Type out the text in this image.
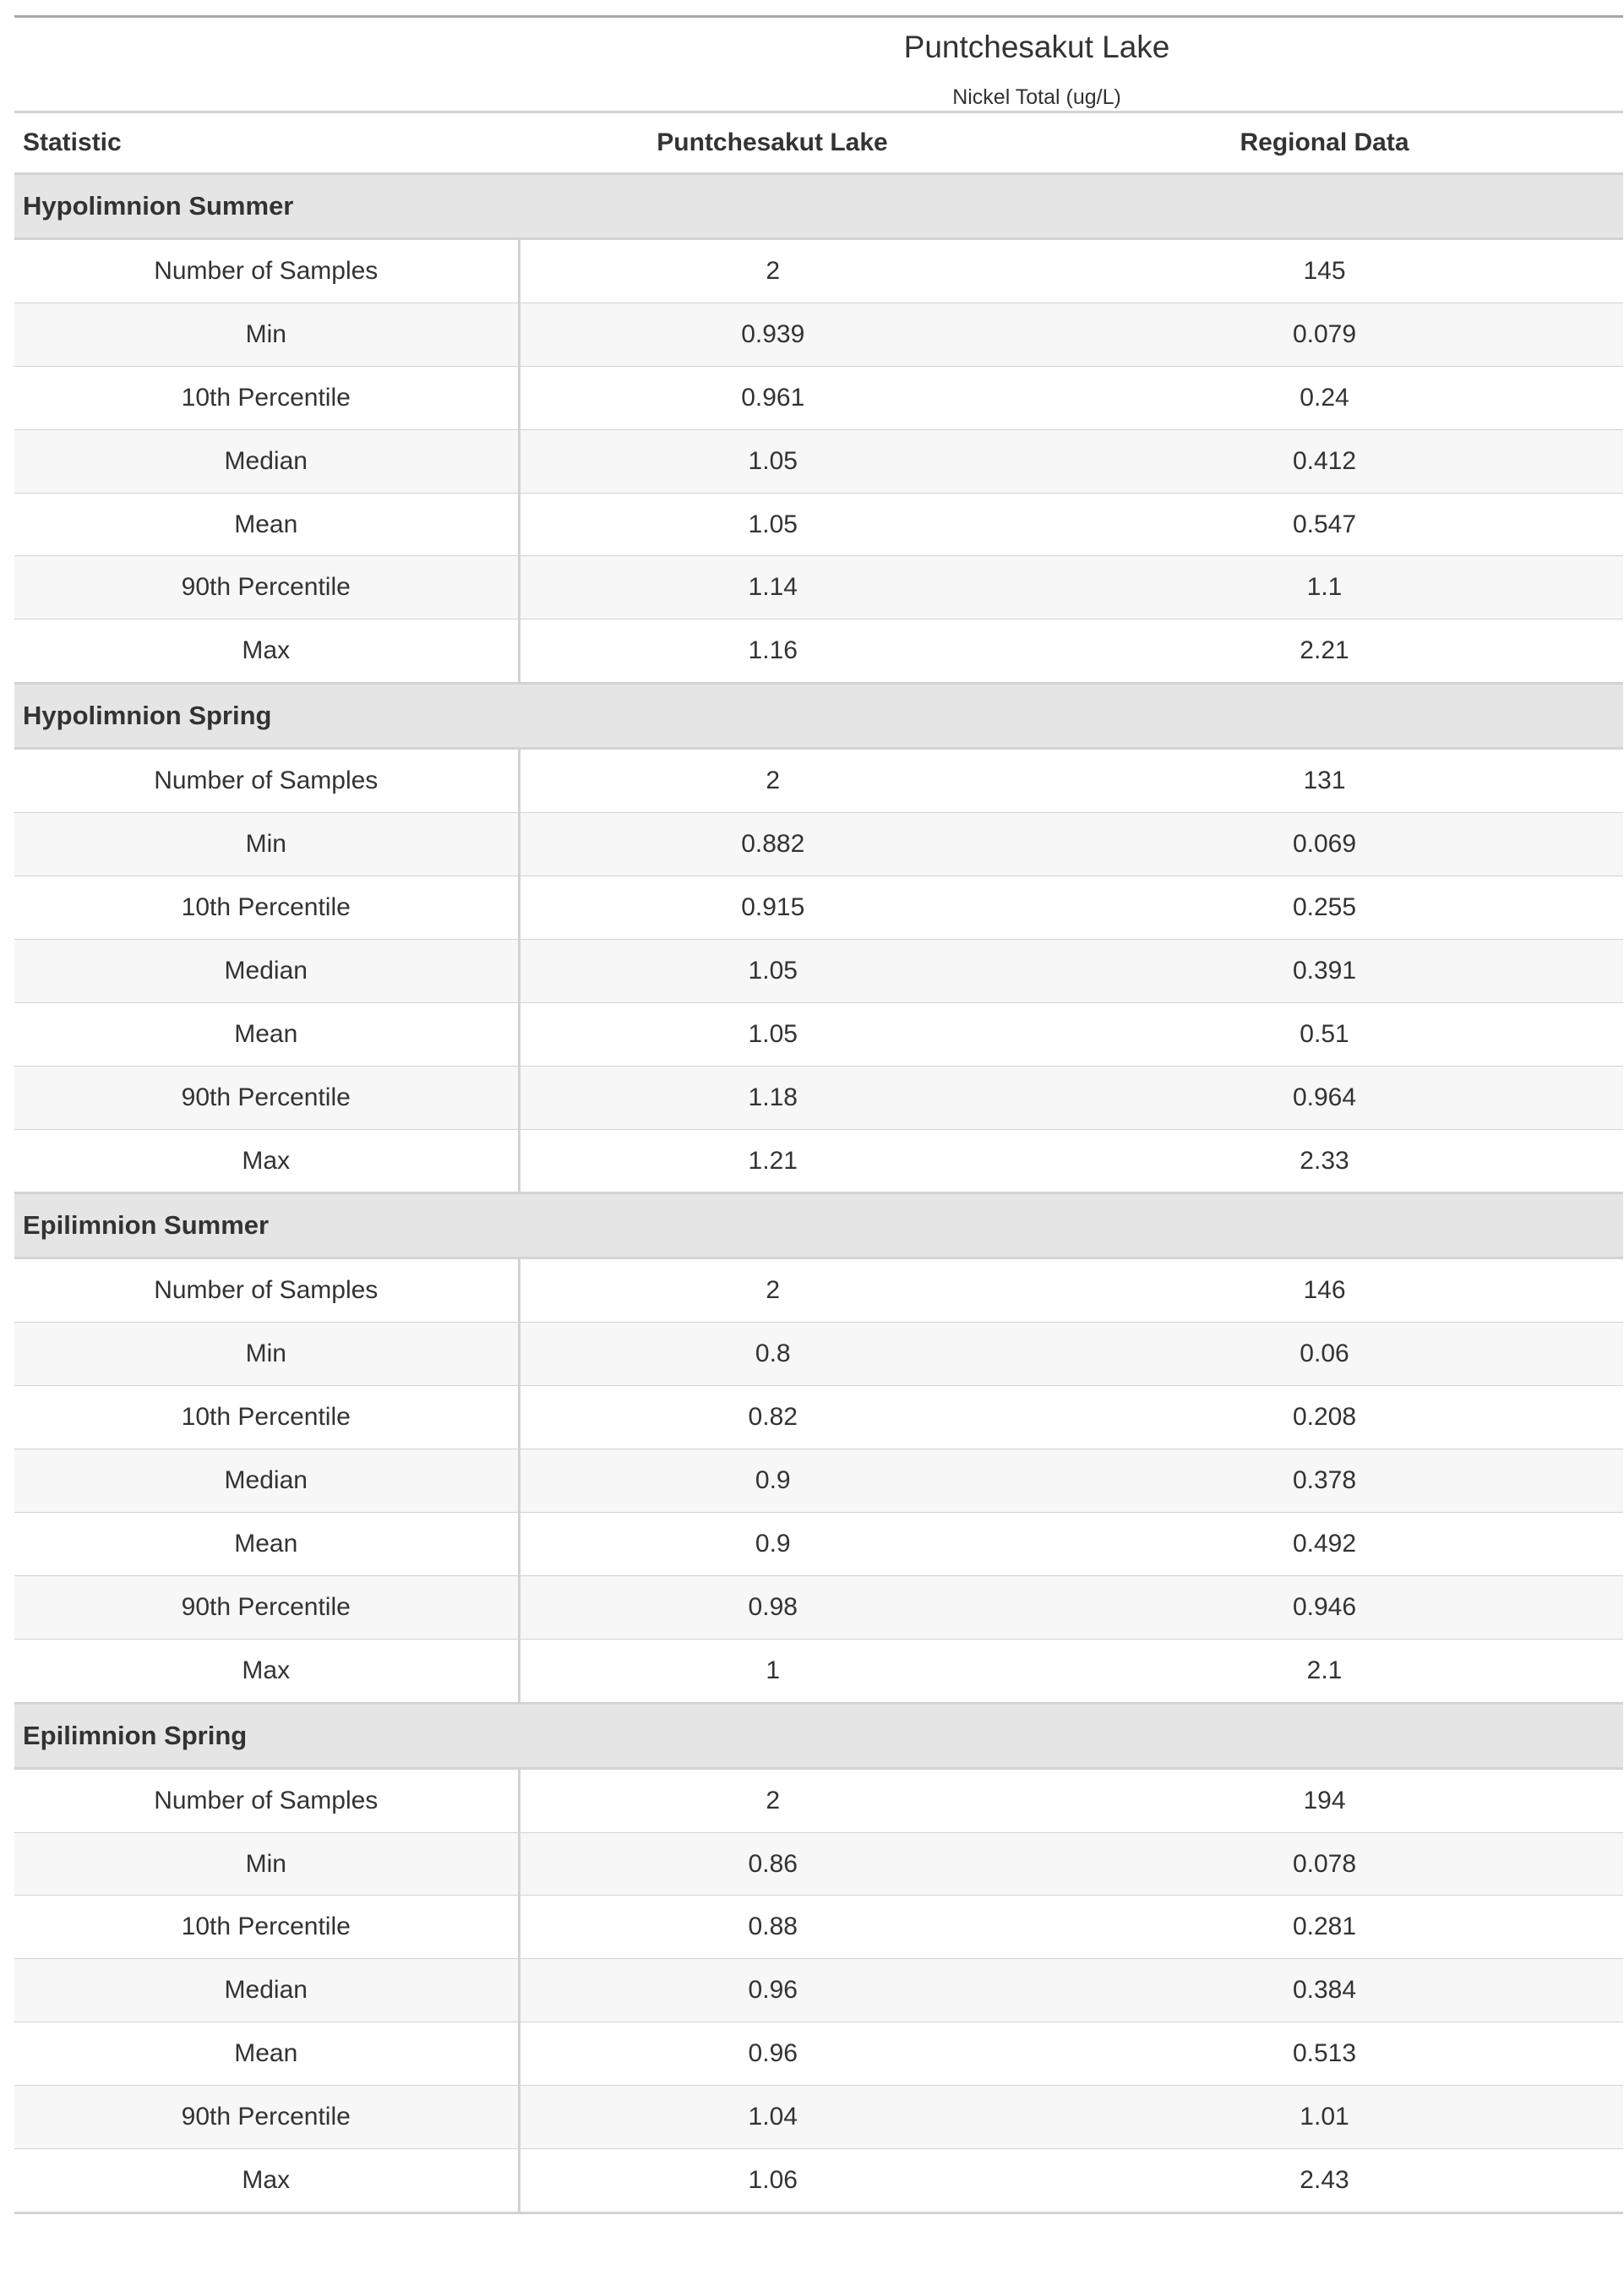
Puntchesakut Lake
Nickel Total (ug/L)		

Statistic	Puntchesakut Lake	Regional Data
Hypolimnion Summer		
Number of Samples	2	145
Min	0.939	0.079
10th Percentile	0.961	0.24
Median	1.05	0.412
Mean	1.05	0.547
90th Percentile	1.14	1.1
Max	1.16	2.21
Hypolimnion Spring		
Number of Samples	2	131
Min	0.882	0.069
10th Percentile	0.915	0.255
Median	1.05	0.391
Mean	1.05	0.51
90th Percentile	1.18	0.964
Max	1.21	2.33
Epilimnion Summer		
Number of Samples	2	146
Min	0.8	0.06
10th Percentile	0.82	0.208
Median	0.9	0.378
Mean	0.9	0.492
90th Percentile	0.98	0.946
Max	1	2.1
Epilimnion Spring		
Number of Samples	2	194
Min	0.86	0.078
10th Percentile	0.88	0.281
Median	0.96	0.384
Mean	0.96	0.513
90th Percentile	1.04	1.01
Max	1.06	2.43
